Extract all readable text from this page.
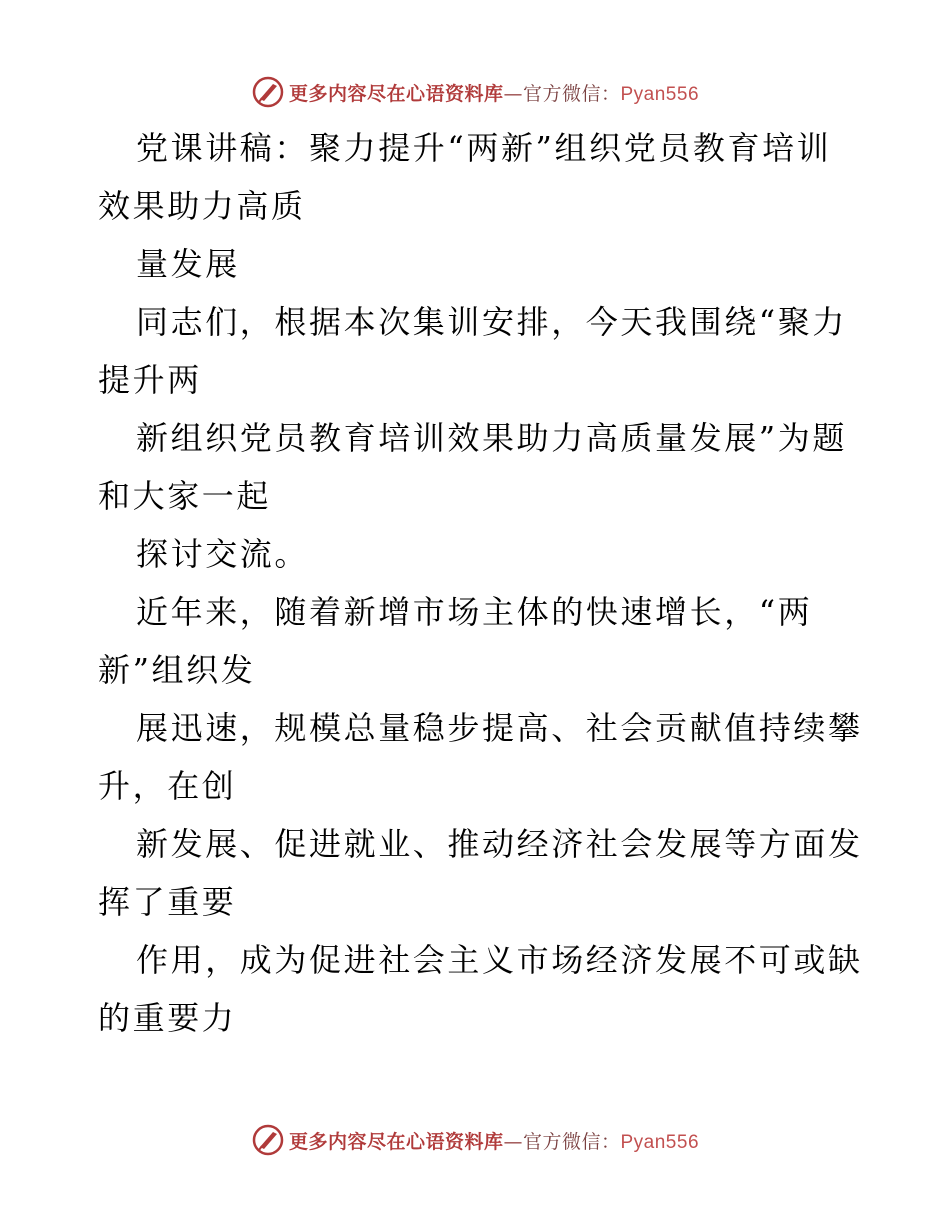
更多内容尽在心语资料库—官方微信：Pyan556
党课讲稿：聚力提升“两新”组织党员教育培训
效果助力高质
量发展
同志们，根据本次集训安排，今天我围绕“聚力
提升两
新组织党员教育培训效果助力高质量发展”为题
和大家一起
探讨交流。
近年来，随着新增市场主体的快速增长，“两
新”组织发
展迅速，规模总量稳步提高、社会贡献值持续攀
升，在创
新发展、促进就业、推动经济社会发展等方面发
挥了重要
作用，成为促进社会主义市场经济发展不可或缺
的重要力
更多内容尽在心语资料库—官方微信：Pyan556
